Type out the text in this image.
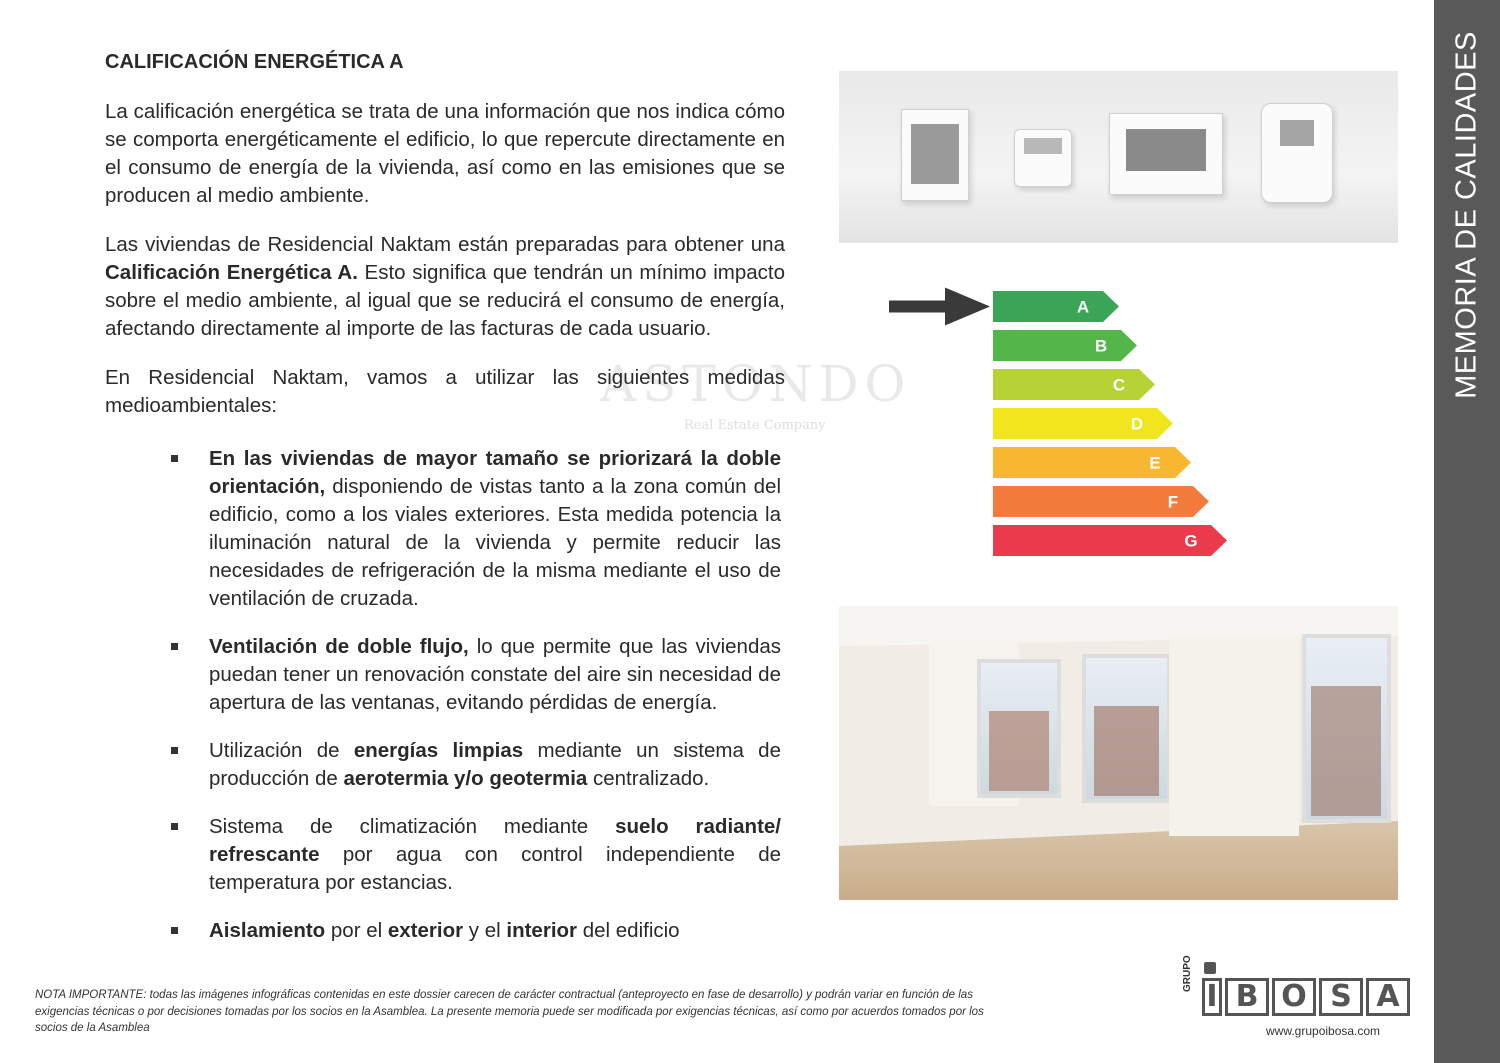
MEMORIA DE CALIDADES
ASTONDO
Real Estate Company
CALIFICACIÓN ENERGÉTICA A

La calificación energética se trata de una información que nos indica cómo se comporta energéticamente el edificio, lo que repercute directamente en el consumo de energía de la vivienda, así como en las emisiones que se producen al medio ambiente.

Las viviendas de Residencial Naktam están preparadas para obtener una Calificación Energética A. Esto significa que tendrán un mínimo impacto sobre el medio ambiente, al igual que se reducirá el consumo de energía, afectando directamente al importe de las facturas de cada usuario.

En Residencial Naktam, vamos a utilizar las siguientes medidas medioambientales:

En las viviendas de mayor tamaño se priorizará la doble orientación, disponiendo de vistas tanto a la zona común del edificio, como a los viales exteriores. Esta medida potencia la iluminación natural de la vivienda y permite reducir las necesidades de refrigeración de la misma mediante el uso de ventilación de cruzada.
Ventilación de doble flujo, lo que permite que las viviendas puedan tener un renovación constate del aire sin necesidad de apertura de las ventanas, evitando pérdidas de energía.
Utilización de energías limpias mediante un sistema de producción de aerotermia y/o geotermia centralizado.
Sistema de climatización mediante suelo radiante/ refrescante por agua con control independiente de temperatura por estancias.
Aislamiento por el exterior y el interior del edificio
A
B
C
D
E
F
G
NOTA IMPORTANTE: todas las imágenes infográficas contenidas en este dossier carecen de carácter contractual (anteproyecto en fase de desarrollo) y podrán variar en función de las exigencias técnicas o por decisiones tomadas por los socios en la Asamblea. La presente memoria puede ser modificada por exigencias técnicas, así como por acuerdos tomados por los socios de la Asamblea
GRUPO
I B O S A
www.grupoibosa.com
